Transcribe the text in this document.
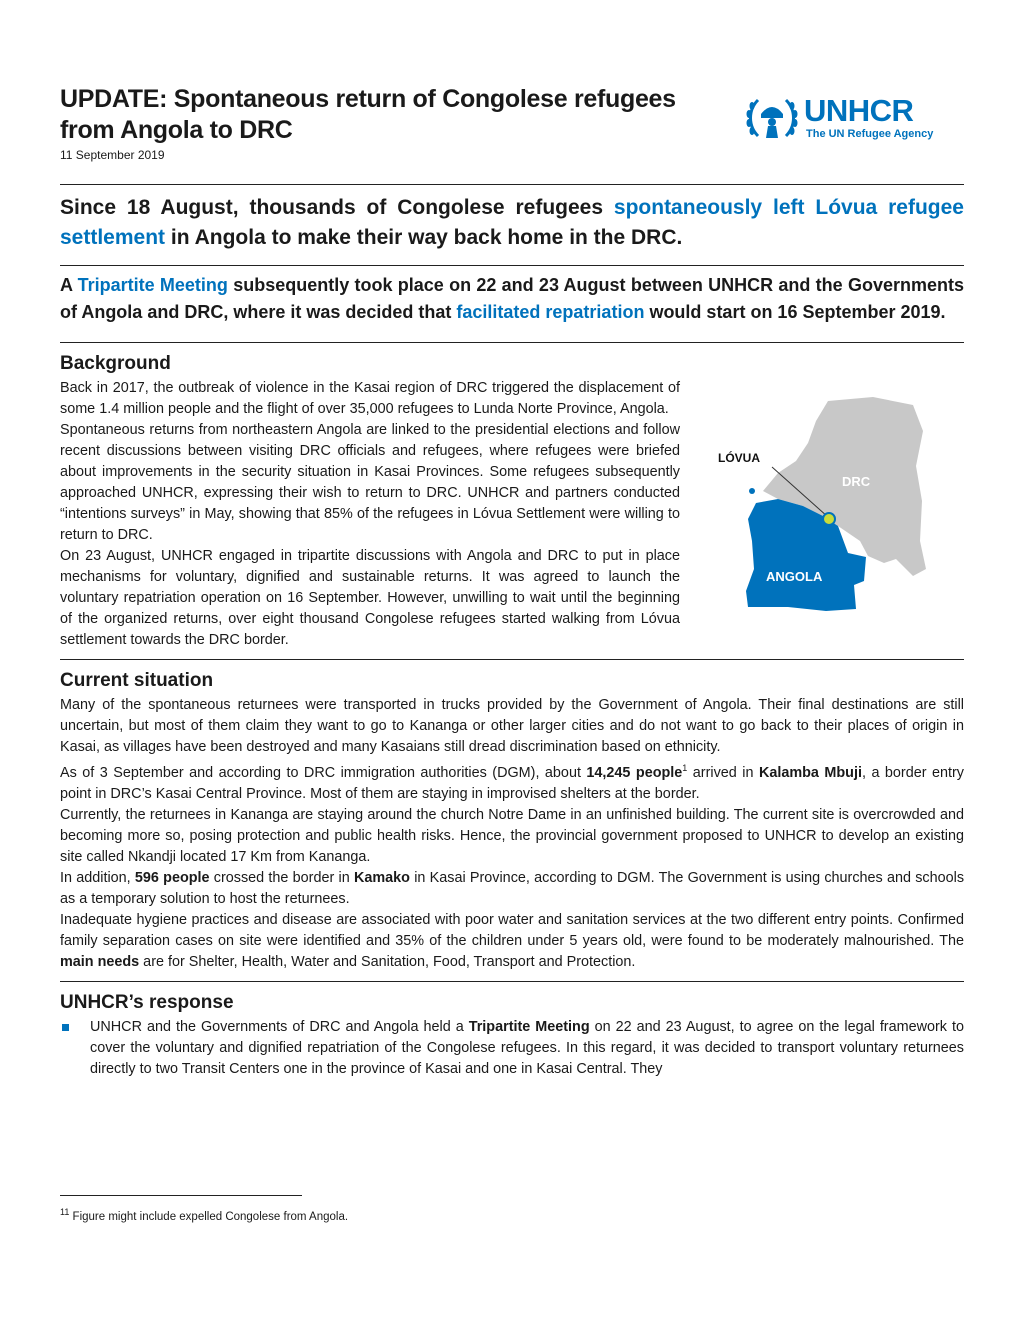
UPDATE: Spontaneous return of Congolese refugees
from Angola to DRC
11 September 2019
UNHCR
The UN Refugee Agency
Since 18 August, thousands of Congolese refugees spontaneously left Lóvua refugee settlement in Angola to make their way back home in the DRC.
A Tripartite Meeting subsequently took place on 22 and 23 August between UNHCR and the Governments of Angola and DRC, where it was decided that facilitated repatriation would start on 16 September 2019.
Background

Back in 2017, the outbreak of violence in the Kasai region of DRC triggered the displacement of some 1.4 million people and the flight of over 35,000 refugees to Lunda Norte Province, Angola.

Spontaneous returns from northeastern Angola are linked to the presidential elections and follow recent discussions between visiting DRC officials and refugees, where refugees were briefed about improvements in the security situation in Kasai Provinces. Some refugees subsequently approached UNHCR, expressing their wish to return to DRC. UNHCR and partners conducted “intentions surveys” in May, showing that 85% of the refugees in Lóvua Settlement were willing to return to DRC.

On 23 August, UNHCR engaged in tripartite discussions with Angola and DRC to put in place mechanisms for voluntary, dignified and sustainable returns. It was agreed to launch the voluntary repatriation operation on 16 September. However, unwilling to wait until the beginning of the organized returns, over eight thousand Congolese refugees started walking from Lóvua settlement towards the DRC border.

LÓVUA
DRC
ANGOLA
Current situation

Many of the spontaneous returnees were transported in trucks provided by the Government of Angola. Their final destinations are still uncertain, but most of them claim they want to go to Kananga or other larger cities and do not want to go back to their places of origin in Kasai, as villages have been destroyed and many Kasaians still dread discrimination based on ethnicity.

As of 3 September and according to DRC immigration authorities (DGM), about 14,245 people$^1$ arrived in Kalamba Mbuji, a border entry point in DRC’s Kasai Central Province. Most of them are staying in improvised shelters at the border.

Currently, the returnees in Kananga are staying around the church Notre Dame in an unfinished building. The current site is overcrowded and becoming more so, posing protection and public health risks. Hence, the provincial government proposed to UNHCR to develop an existing site called Nkandji located 17 Km from Kananga.

In addition, 596 people crossed the border in Kamako in Kasai Province, according to DGM. The Government is using churches and schools as a temporary solution to host the returnees.

Inadequate hygiene practices and disease are associated with poor water and sanitation services at the two different entry points. Confirmed family separation cases on site were identified and 35% of the children under 5 years old, were found to be moderately malnourished. The main needs are for Shelter, Health, Water and Sanitation, Food, Transport and Protection.

UNHCR’s response
UNHCR and the Governments of DRC and Angola held a Tripartite Meeting on 22 and 23 August, to agree on the legal framework to cover the voluntary and dignified repatriation of the Congolese refugees. In this regard, it was decided to transport voluntary returnees directly to two Transit Centers one in the province of Kasai and one in Kasai Central. They
$^{11}$ Figure might include expelled Congolese from Angola.
